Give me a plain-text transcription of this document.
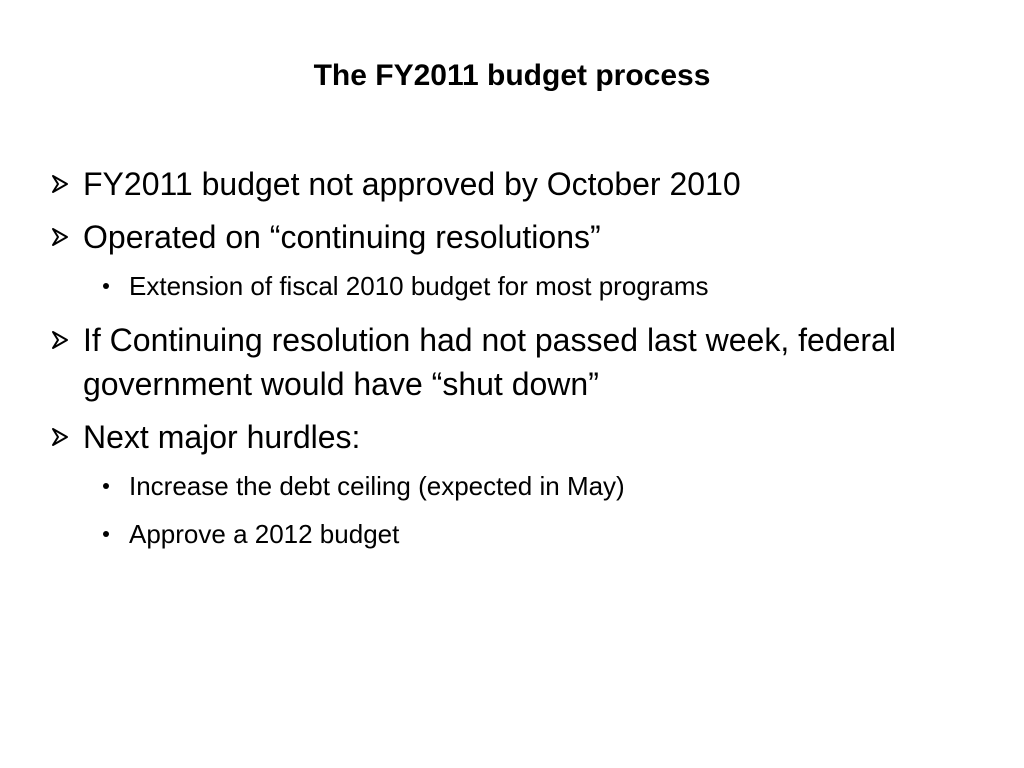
The FY2011 budget process
FY2011 budget not approved by October 2010
Operated on “continuing resolutions”
Extension of fiscal 2010 budget for most programs
If Continuing resolution had not passed last week, federal government would have “shut down”
Next major hurdles:
Increase the debt ceiling (expected in May)
Approve a 2012 budget
